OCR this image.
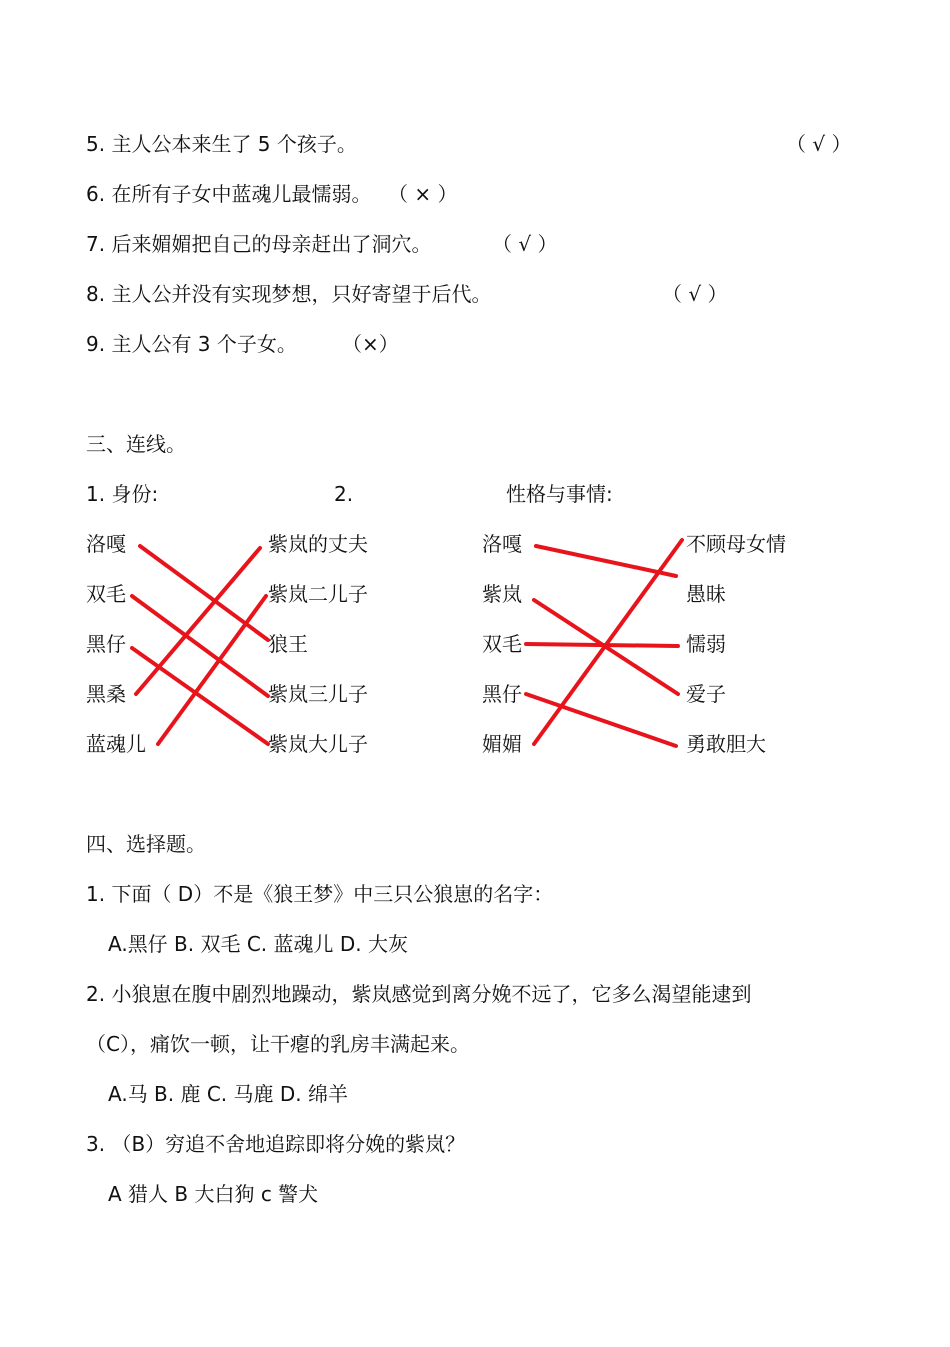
5. 主人公本来生了 5 个孩子。	（ √ ）
6. 在所有子女中蓝魂儿最懦弱。 （ × ）
7. 后来媚媚把自己的母亲赶出了洞穴。	（ √ ）
8. 主人公并没有实现梦想，只好寄望于后代。	（ √ ）
9. 主人公有 3 个子女。 （×）
三、连线。
1. 身份:	2.	性格与事情:
洛嘎
双毛
黑仔
黑桑
蓝魂儿
紫岚的丈夫
紫岚二儿子
狼王
紫岚三儿子
紫岚大儿子
洛嘎
紫岚
双毛
黑仔
媚媚
不顾母女情
愚昧
懦弱
爱子
勇敢胆大
四、选择题。
1. 下面（ D）不是《狼王梦》中三只公狼崽的名字：
A.黑仔 B. 双毛 C. 蓝魂儿 D. 大灰
2. 小狼崽在腹中剧烈地躁动，紫岚感觉到离分娩不远了，它多么渴望能逮到
（C），痛饮一顿，让干瘪的乳房丰满起来。
A.马 B. 鹿 C. 马鹿 D. 绵羊
3. （B）穷追不舍地追踪即将分娩的紫岚？
A 猎人 B 大白狗 c 警犬
